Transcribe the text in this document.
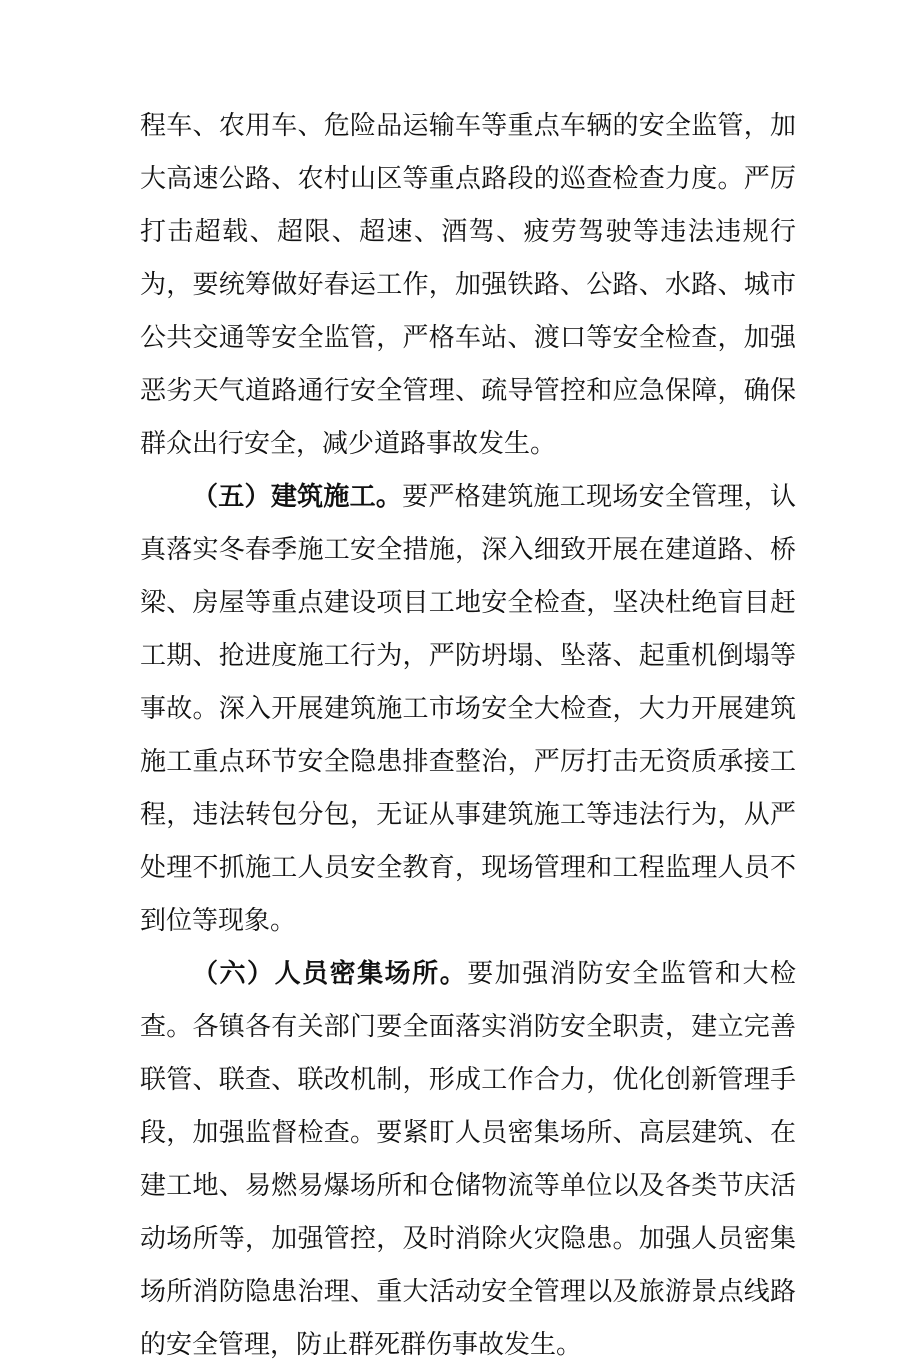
程车、农用车、危险品运输车等重点车辆的安全监管，加大高速公路、农村山区等重点路段的巡查检查力度。严厉打击超载、超限、超速、酒驾、疲劳驾驶等违法违规行为，要统筹做好春运工作，加强铁路、公路、水路、城市公共交通等安全监管，严格车站、渡口等安全检查，加强恶劣天气道路通行安全管理、疏导管控和应急保障，确保群众出行安全，减少道路事故发生。

（五）建筑施工。要严格建筑施工现场安全管理，认真落实冬春季施工安全措施，深入细致开展在建道路、桥梁、房屋等重点建设项目工地安全检查，坚决杜绝盲目赶工期、抢进度施工行为，严防坍塌、坠落、起重机倒塌等事故。深入开展建筑施工市场安全大检查，大力开展建筑施工重点环节安全隐患排查整治，严厉打击无资质承接工程，违法转包分包，无证从事建筑施工等违法行为，从严处理不抓施工人员安全教育，现场管理和工程监理人员不到位等现象。

（六）人员密集场所。要加强消防安全监管和大检查。各镇各有关部门要全面落实消防安全职责，建立完善联管、联查、联改机制，形成工作合力，优化创新管理手段，加强监督检查。要紧盯人员密集场所、高层建筑、在建工地、易燃易爆场所和仓储物流等单位以及各类节庆活动场所等，加强管控，及时消除火灾隐患。加强人员密集场所消防隐患治理、重大活动安全管理以及旅游景点线路的安全管理，防止群死群伤事故发生。
